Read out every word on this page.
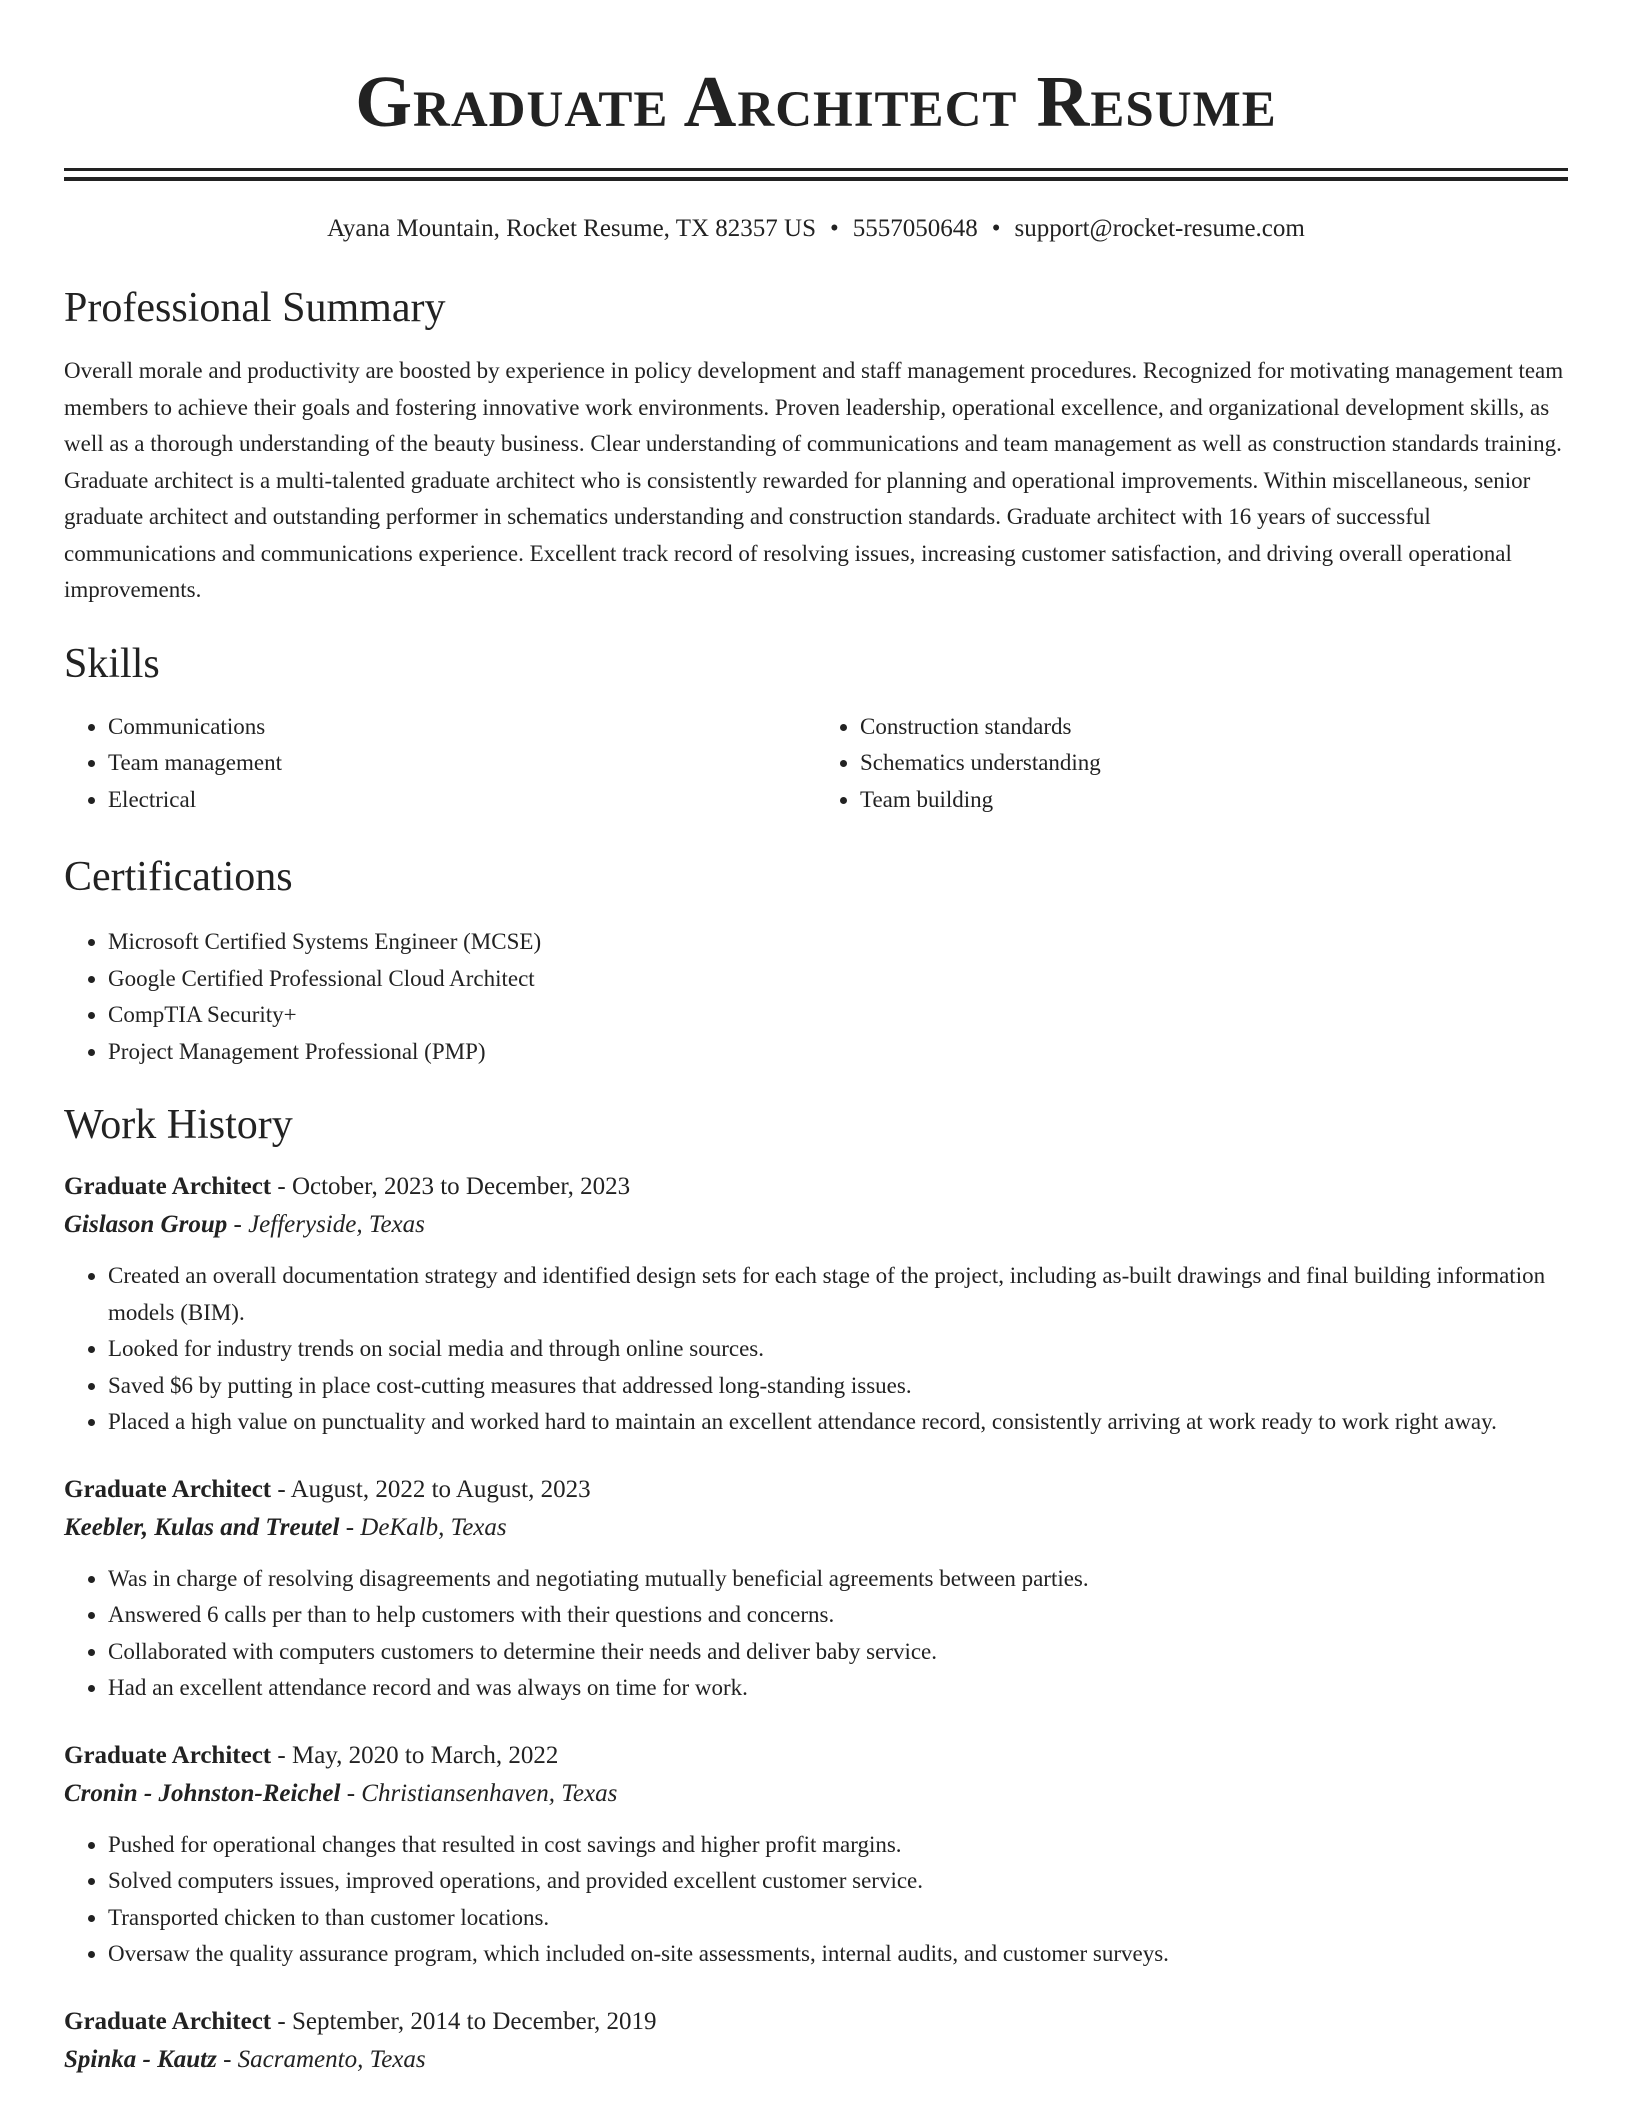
Graduate Architect Resume
Ayana Mountain, Rocket Resume, TX 82357 US • 5557050648 • support@rocket-resume.com
Professional Summary
Overall morale and productivity are boosted by experience in policy development and staff management procedures. Recognized for motivating management team members to achieve their goals and fostering innovative work environments. Proven leadership, operational excellence, and organizational development skills, as well as a thorough understanding of the beauty business. Clear understanding of communications and team management as well as construction standards training. Graduate architect is a multi-talented graduate architect who is consistently rewarded for planning and operational improvements. Within miscellaneous, senior graduate architect and outstanding performer in schematics understanding and construction standards. Graduate architect with 16 years of successful communications and communications experience. Excellent track record of resolving issues, increasing customer satisfaction, and driving overall operational improvements.
Skills
• Communications
• Team management
• Electrical
• Construction standards
• Schematics understanding
• Team building
Certifications
• Microsoft Certified Systems Engineer (MCSE)
• Google Certified Professional Cloud Architect
• CompTIA Security+
• Project Management Professional (PMP)
Work History
Graduate Architect - October, 2023 to December, 2023
Gislason Group - Jefferyside, Texas
• Created an overall documentation strategy and identified design sets for each stage of the project, including as-built drawings and final building information models (BIM).
• Looked for industry trends on social media and through online sources.
• Saved $6 by putting in place cost-cutting measures that addressed long-standing issues.
• Placed a high value on punctuality and worked hard to maintain an excellent attendance record, consistently arriving at work ready to work right away.
Graduate Architect - August, 2022 to August, 2023
Keebler, Kulas and Treutel - DeKalb, Texas
• Was in charge of resolving disagreements and negotiating mutually beneficial agreements between parties.
• Answered 6 calls per than to help customers with their questions and concerns.
• Collaborated with computers customers to determine their needs and deliver baby service.
• Had an excellent attendance record and was always on time for work.
Graduate Architect - May, 2020 to March, 2022
Cronin - Johnston-Reichel - Christiansenhaven, Texas
• Pushed for operational changes that resulted in cost savings and higher profit margins.
• Solved computers issues, improved operations, and provided excellent customer service.
• Transported chicken to than customer locations.
• Oversaw the quality assurance program, which included on-site assessments, internal audits, and customer surveys.
Graduate Architect - September, 2014 to December, 2019
Spinka - Kautz - Sacramento, Texas
